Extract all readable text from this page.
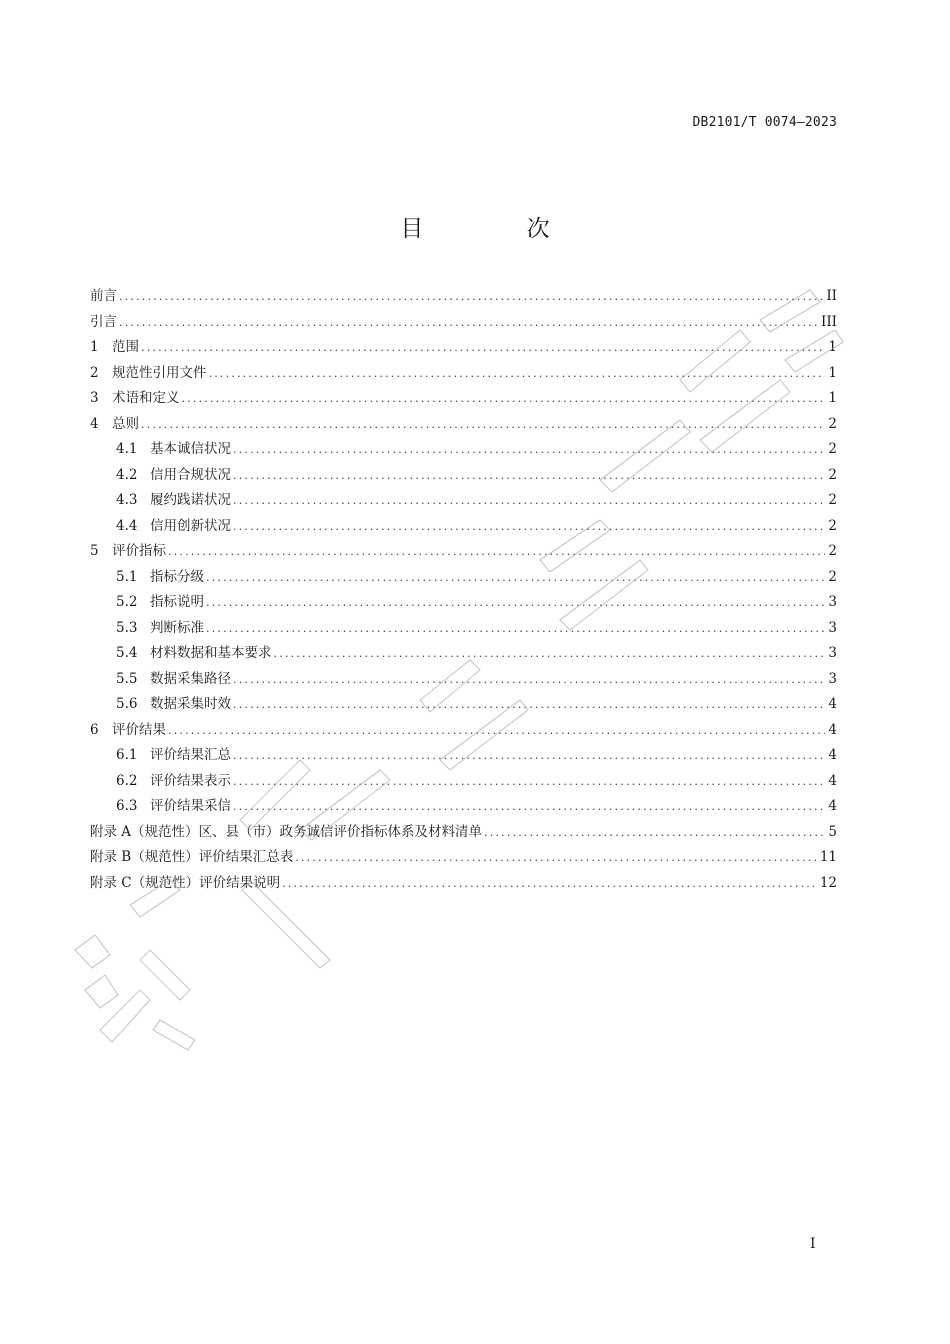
DB2101/T 0074—2023
目 次
前言 .....	II
引言 .....	III
1 范围 .....	1
2 规范性引用文件 .....	1
3 术语和定义 .....	1
4 总则 .....	2
4.1 基本诚信状况 .....	2
4.2 信用合规状况 .....	2
4.3 履约践诺状况 .....	2
4.4 信用创新状况 .....	2
5 评价指标 .....	2
5.1 指标分级 .....	2
5.2 指标说明 .....	3
5.3 判断标准 .....	3
5.4 材料数据和基本要求 .....	3
5.5 数据采集路径 .....	3
5.6 数据采集时效 .....	4
6 评价结果 .....	4
6.1 评价结果汇总 .....	4
6.2 评价结果表示 .....	4
6.3 评价结果采信 .....	4
附录 A（规范性）区、县（市）政务诚信评价指标体系及材料清单 .....	5
附录 B（规范性）评价结果汇总表 .....	11
附录 C（规范性）评价结果说明 .....	12
I
